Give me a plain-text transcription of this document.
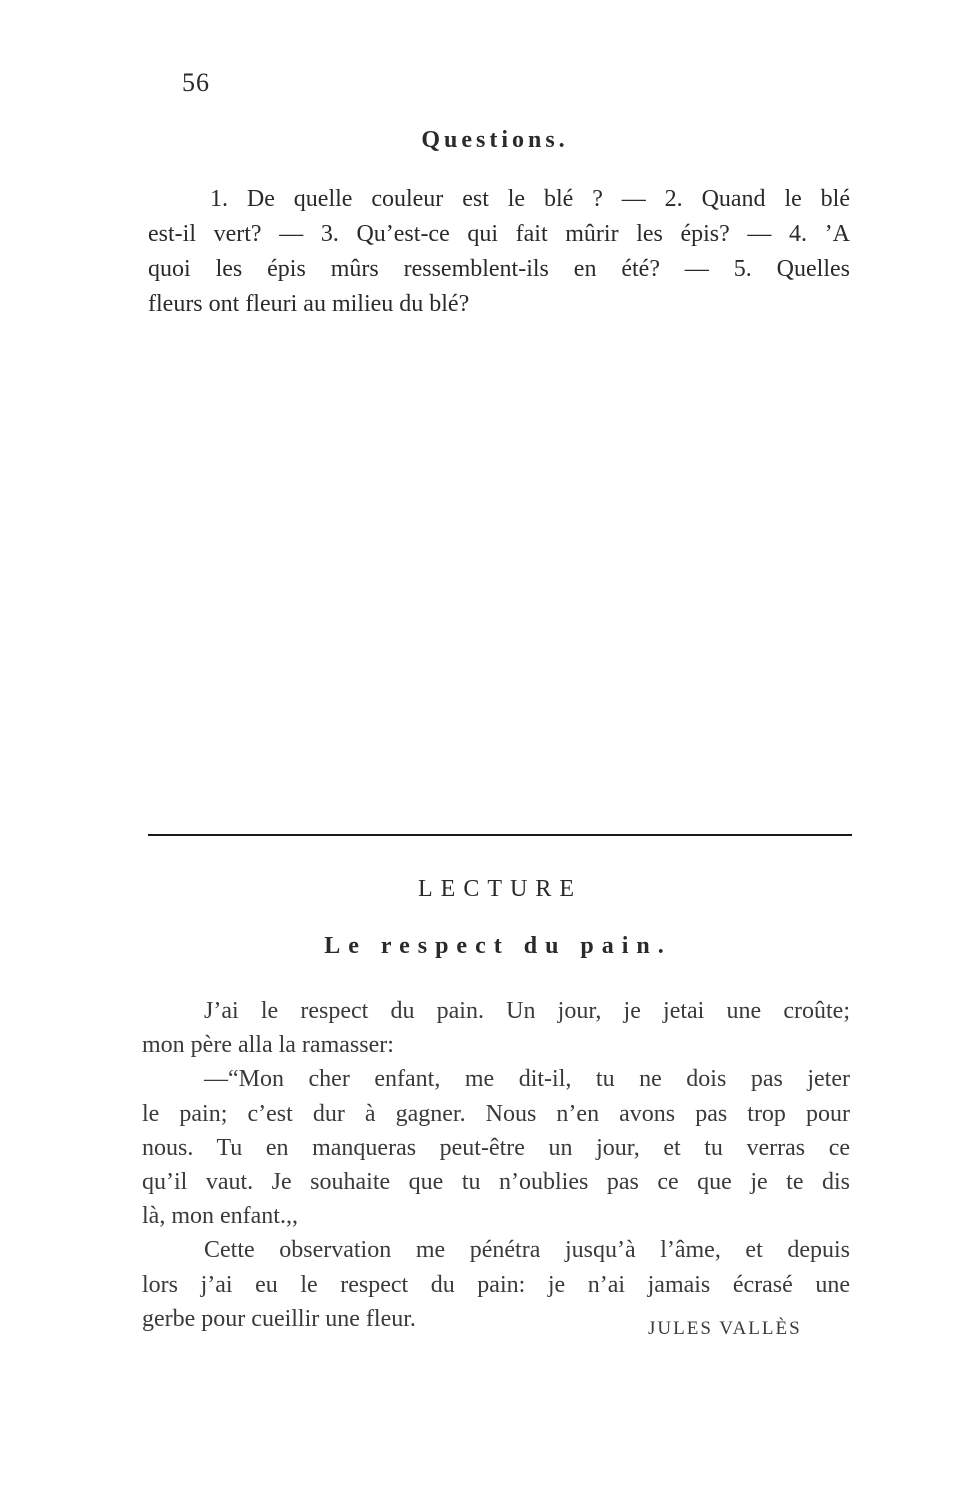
56
Questions.
1. De quelle couleur est le blé ? — 2. Quand le blé
est-il vert? — 3. Qu’est-ce qui fait mûrir les épis? — 4. ’A
quoi les épis mûrs ressemblent-ils en été? — 5. Quelles
fleurs ont fleuri au milieu du blé?
LECTURE
Le respect du pain.
J’ai le respect du pain. Un jour, je jetai une croûte;
mon père alla la ramasser:
—“Mon cher enfant, me dit-il, tu ne dois pas jeter
le pain; c’est dur à gagner. Nous n’en avons pas trop pour
nous. Tu en manqueras peut-être un jour, et tu verras ce
qu’il vaut. Je souhaite que tu n’oublies pas ce que je te dis
là, mon enfant.,,
Cette observation me pénétra jusqu’à l’âme, et depuis
lors j’ai eu le respect du pain: je n’ai jamais écrasé une
gerbe pour cueillir une fleur.	JULES VALLÈS
